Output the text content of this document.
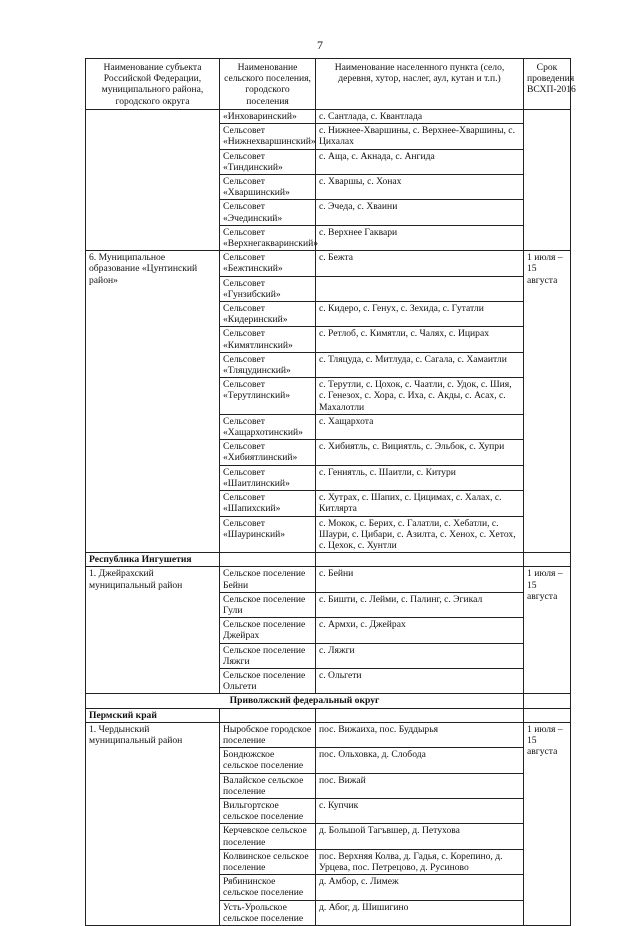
7
Наименование субъекта Российской Федерации, муниципального района, городского округа	Наименование сельского поселения, городского поселения	Наименование населенного пункта (село, деревня, хутор, наслег, аул, кутан и т.п.)	Срок проведения ВСХП-2016
	«Инховаринский»	с. Сантлада, с. Квантлада	
	Сельсовет «Нижнехваршинский»	с. Нижнее-Хваршины, с. Верхнее-Хваршины, с. Цихалах	
	Сельсовет «Тиндинский»	с. Аща, с. Акнада, с. Ангида	
	Сельсовет «Хваршинский»	с. Хваршы, с. Хонах	
	Сельсовет «Эчединский»	с. Эчеда, с. Хваини	
	Сельсовет «Верхнегакваринский»	с. Верхнее Гаквари	
6. Муниципальное образование «Цунтинский район»	Сельсовет «Бежтинский»	с. Бежта	1 июля – 15 августа
	Сельсовет «Гунзибский»		
	Сельсовет «Кидеринский»	с. Кидеро, с. Генух, с. Зехида, с. Гутатли	
	Сельсовет «Кимятлинский»	с. Ретлоб, с. Кимятли, с. Чалях, с. Ицирах	
	Сельсовет «Тляцудинский»	с. Тляцуда, с. Митлуда, с. Сагала, с. Хамаитли	
	Сельсовет «Терутлинский»	с. Терутли, с. Цохок, с. Чаатли, с. Удок, с. Шия, с. Генезох, с. Хора, с. Иха, с. Акды, с. Асах, с. Махалотли	
	Сельсовет «Хащархотинский»	с. Хащархота	
	Сельсовет «Хибиятлинский»	с. Хибиятль, с. Вициятль, с. Эльбок, с. Хупри	
	Сельсовет «Шаитлинский»	с. Гениятль, с. Шаитли, с. Китури	
	Сельсовет «Шапихский»	с. Хутрах, с. Шапих, с. Цицимах, с. Халах, с. Китлярта	
	Сельсовет «Шауринский»	с. Мокок, с. Берих, с. Галатли, с. Хебатли, с. Шаури, с. Цибари, с. Азилта, с. Хенох, с. Хетох, с. Цехок, с. Хунтли	
Республика Ингушетия			
1. Джейрахский муниципальный район	Сельское поселение Бейни	с. Бейни	1 июля – 15 августа
	Сельское поселение Гули	с. Бишти, с. Лейми, с. Палинг, с. Эгикал	
	Сельское поселение Джейрах	с. Армхи, с. Джейрах	
	Сельское поселение Ляжги	с. Ляжги	
	Сельское поселение Ольгети	с. Ольгети	
Приволжский федеральный округ			
Пермский край			
1. Чердынский муниципальный район	Ныробское городское поселение	пос. Вижаиха, пос. Буддырья	1 июля – 15 августа
	Бондюжское сельское поселение	пос. Ольховка, д. Слобода	
	Валайское сельское поселение	пос. Вижай	
	Вильгортское сельское поселение	с. Купчик	
	Керчевское сельское поселение	д. Большой Тагъвшер, д. Петухова	
	Колвинское сельское поселение	пос. Верхняя Колва, д. Гадья, с. Корепино, д. Урцева, пос. Петрецово, д. Русиново	
	Рябининское сельское поселение	д. Амбор, с. Лимеж	
	Усть-Урольское сельское поселение	д. Абог, д. Шишигино	
